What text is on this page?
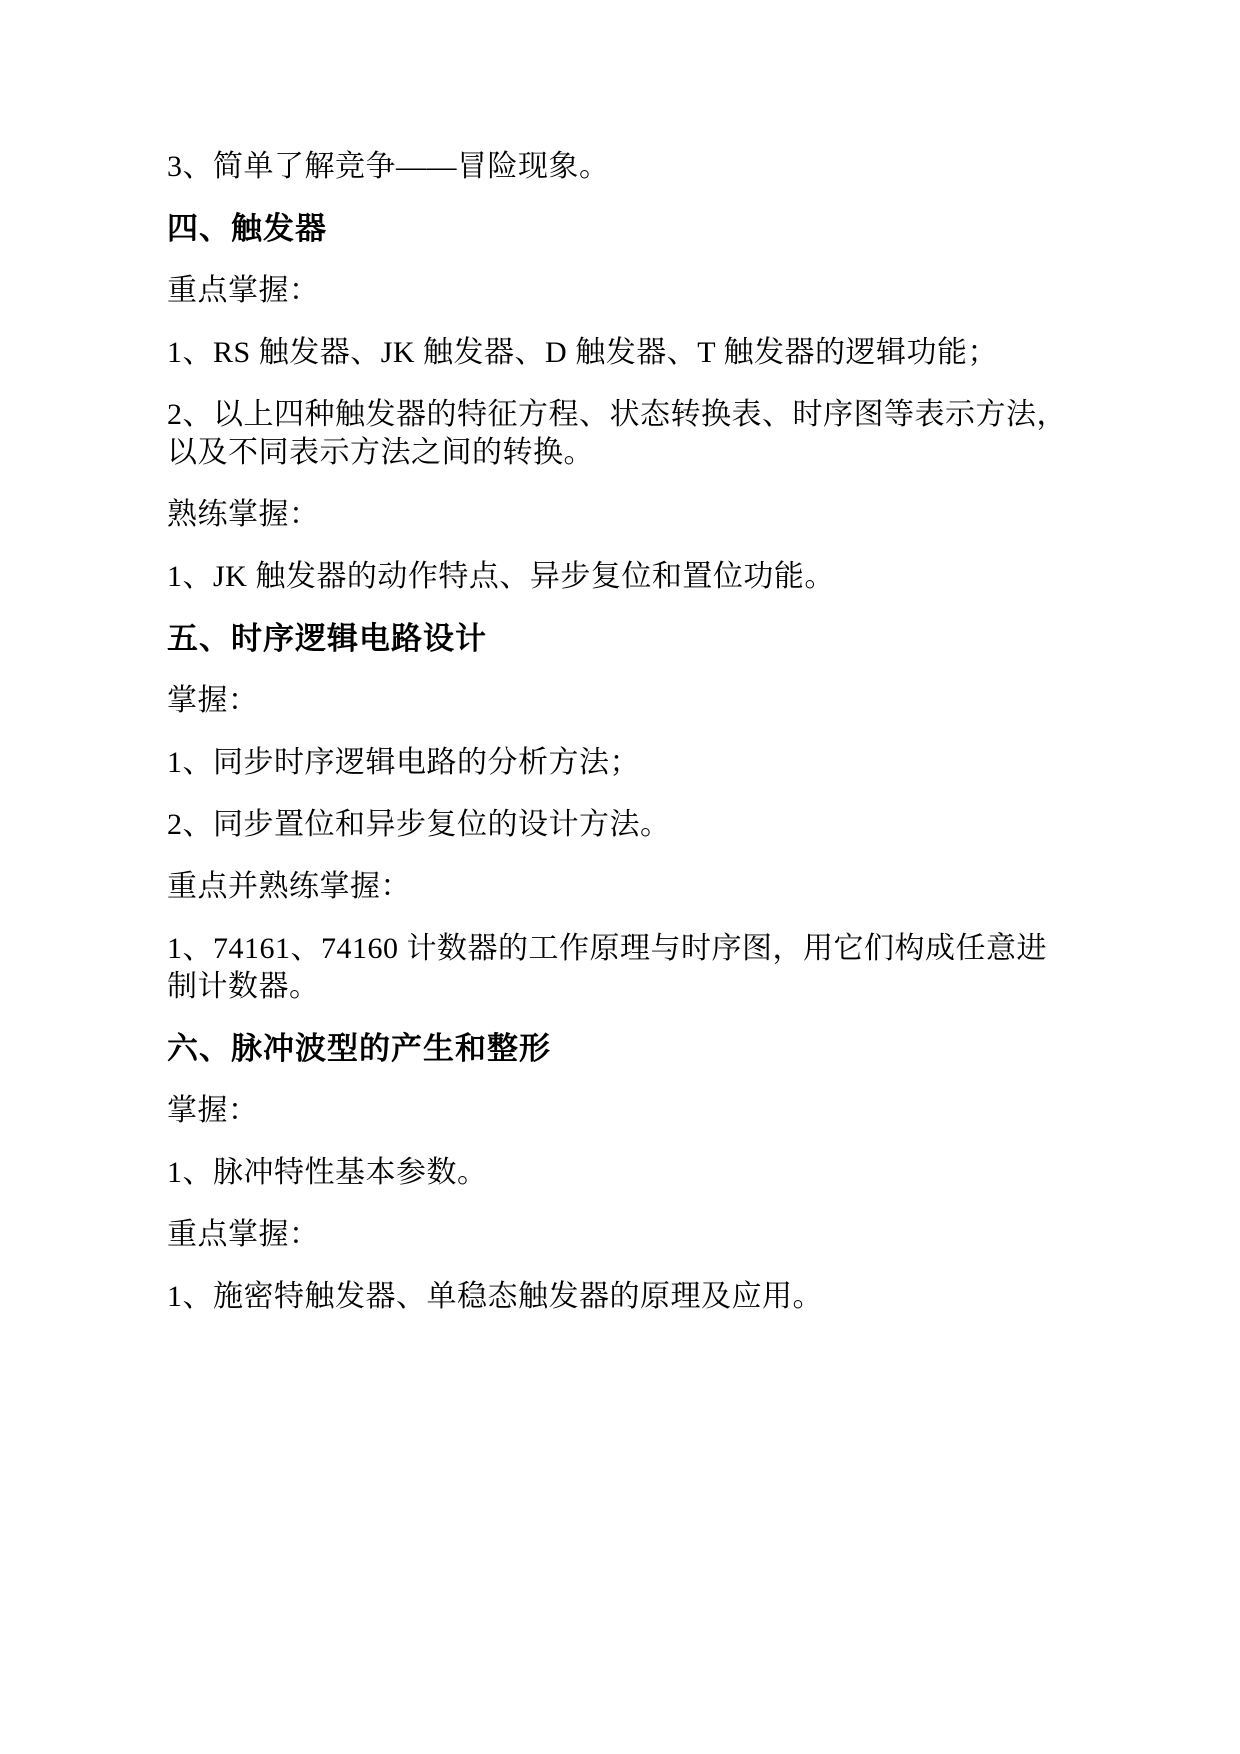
3、简单了解竞争——冒险现象。

四、触发器

重点掌握：

1、RS 触发器、JK 触发器、D 触发器、T 触发器的逻辑功能；

2、以上四种触发器的特征方程、状态转换表、时序图等表示方法，以及不同表示方法之间的转换。

熟练掌握：

1、JK 触发器的动作特点、异步复位和置位功能。

五、时序逻辑电路设计

掌握：

1、同步时序逻辑电路的分析方法；

2、同步置位和异步复位的设计方法。

重点并熟练掌握：

1、74161、74160 计数器的工作原理与时序图，用它们构成任意进制计数器。

六、脉冲波型的产生和整形

掌握：

1、脉冲特性基本参数。

重点掌握：

1、施密特触发器、单稳态触发器的原理及应用。
